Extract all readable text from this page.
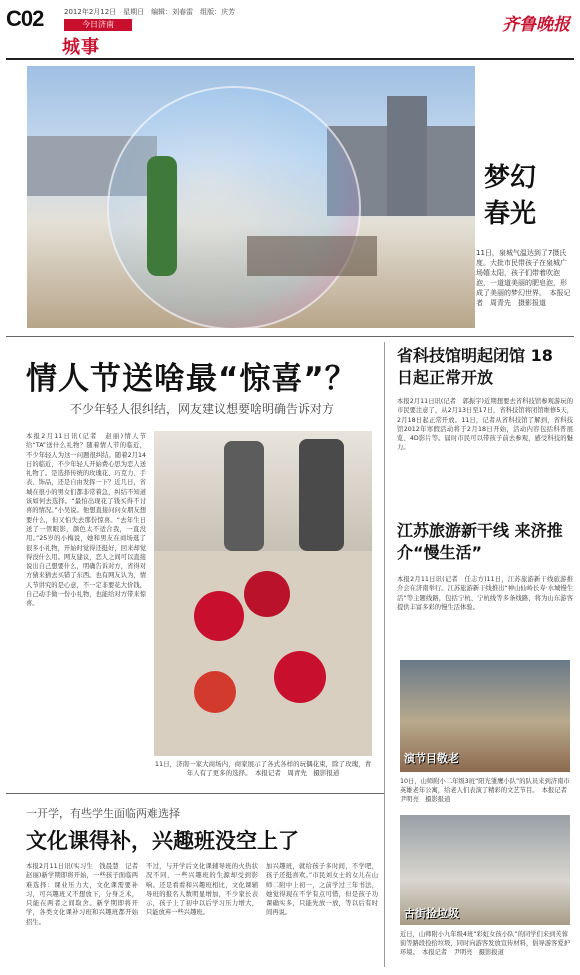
C02	2012年2月12日　星期日　编辑：刘春雷　组版：庆芳
今日济南
城事
齐鲁晚报
梦幻
春光
11日，泉城气温达到了7摄氏度。大批市民带孩子在泉城广场嬉太阳，孩子们带着吹泡泡，一道道美丽的肥皂泡，形成了美丽的梦幻世界。　本报记者　周青先　摄影报道
情人节送啥最“惊喜”？
不少年轻人很纠结，网友建议想要啥明确告诉对方
本报2月11日讯(记者　赵丽)情人节给“TA”送什么礼物？随着情人节的临近，不少年轻人为这一问题很纠结。随着2月14日的临近，不少年轻人开始费心思为恋人送礼物了。是选择传统的玫瑰花、巧克力、手表、饰品，还是自由发挥一下？近几日，省城在很小的男女们都非常着急，纠结不知道该如何去选择。“最怕出现花了钱买得不讨喜的情况。”小吴说。他想直接问问女朋友想要什么，但又怕失去那份惊喜。“去年生日送了一管眼影，颜色太不适合我，一直没用。”25岁的小梅说，她和男友在商场逛了很多小礼物，开始时觉得还挺好，回来却觉得没什么用。网友建议，恋人之间可以直接说出自己想要什么，明确告诉对方，省得对方猜来猜去买错了东西。也有网友认为，情人节讲究的是心意，不一定非要花大价钱，自己动手做一份小礼物，也能给对方带来惊喜。
11日，济南一家大商场内，商家展示了各式各样的玩偶花束，除了玫瑰，青年人有了更多的选择。　本报记者　周青先　摄影报道
省科技馆明起闭馆 18日起正常开放
本报2月11日讯(记者　郭振宇)近期想要去省科技馆参观游玩的市民要注意了，从2月13日至17日，省科技馆将闭馆维修5天，2月18日起正常开放。11日，记者从省科技馆了解到，省科技馆2012年寒假活动将于2月18日开始，活动内容包括科普展览、4D影片等。届时市民可以带孩子前去参观，感受科技的魅力。
江苏旅游新干线 来济推介“慢生活”
本报2月11日讯(记者　任志方)11日，江苏旅游新干线旅游推介会在济南举行。江苏旅游新干线推出“神山仙岭长寿·水城慢生活”等主题线路，包括宁杭、宁杭线等多条线路，将为山东游客提供丰富多彩的慢生活体验。
演节目敬老
10日，山师附小二年级3班“阳光雏鹰小队”的队员来到济南市英雄老年公寓，给老人们表演了精彩的文艺节目。　本报记者　尹明亮　摄影报道
古街捡垃圾
近日，山师附小九年级4班“彩虹女孩小队”的同学们来到芙蓉街等路段捡拾垃圾，同时向游客发放宣传材料，倡导游客爱护环境。　本报记者　尹明亮　摄影报道
一开学，有些学生面临两难选择
文化课得补，兴趣班没空上了
本报2月11日讯(实习生　钱晨慧　记者　赵丽)新学期即将开始，一些孩子面临两难选择：课业压力大，文化课需要补习，可兴趣班又不想放下，分身乏术，只能在两者之间取舍。新学期即将开学，各类文化课补习班和兴趣班都开始招生。
不过，与开学后文化课辅导班的火热状况不同，一些兴趣班的生源却受到影响。还是看看和兴趣班相比，文化课辅导班的报名人数明显增加，不少家长表示，孩子上了初中以后学习压力增大，只能放弃一些兴趣班。
加兴趣班，就给孩子多时间，不学吧，孩子还挺喜欢。”市民刘女士的女儿在山师二附中上初一，之前学过三年书法，她觉得现在不学有点可惜，但是孩子功课确实多，只能先放一放，等以后有时间再说。
